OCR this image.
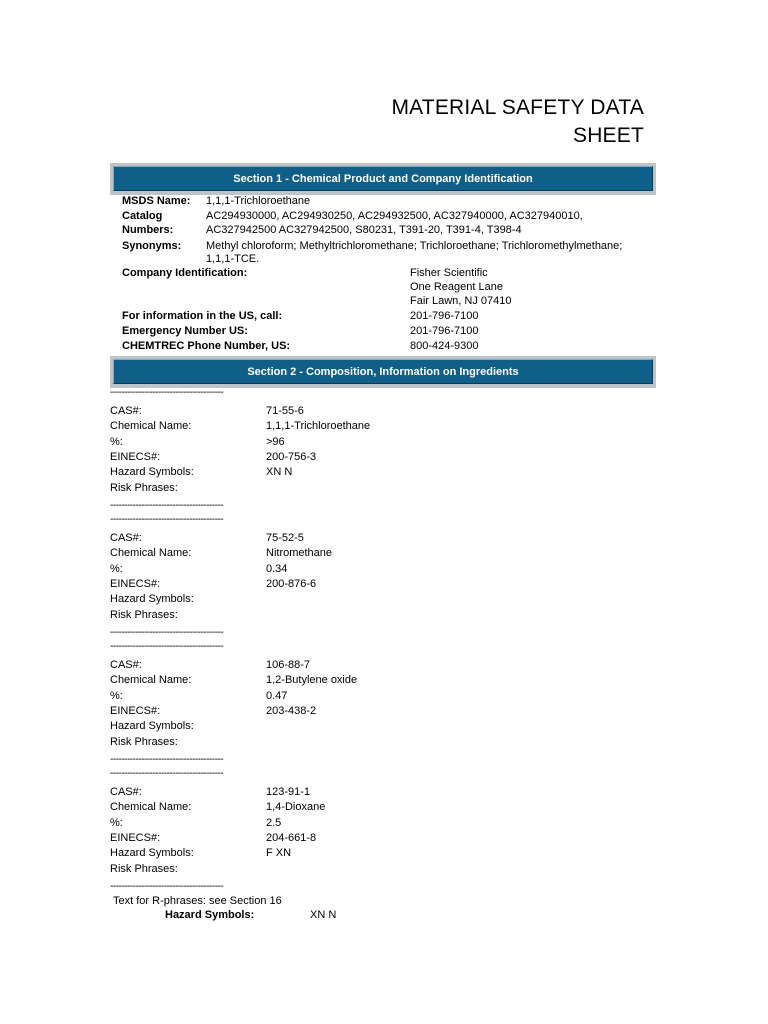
MATERIAL SAFETY DATA
SHEET
Section 1 - Chemical Product and Company Identification
MSDS Name: 1,1,1-Trichloroethane
Catalog
Numbers:
AC294930000, AC294930250, AC294932500, AC327940000, AC327940010,
AC327942500 AC327942500, S80231, T391-20, T391-4, T398-4
Synonyms: Methyl chloroform; Methyltrichloromethane; Trichloroethane; Trichloromethylmethane;
1,1,1-TCE.
Company Identification:	Fisher Scientific
One Reagent Lane
Fair Lawn, NJ 07410
For information in the US, call:	201-796-7100
Emergency Number US:	201-796-7100
CHEMTREC Phone Number, US:	800-424-9300
Section 2 - Composition, Information on Ingredients
----------------------------------------
CAS#:	71-55-6
Chemical Name:	1,1,1-Trichloroethane
%:	>96
EINECS#:	200-756-3
Hazard Symbols:	XN N
Risk Phrases:
----------------------------------------
----------------------------------------
CAS#:	75-52-5
Chemical Name:	Nitromethane
%:	0.34
EINECS#:	200-876-6
Hazard Symbols:
Risk Phrases:
----------------------------------------
----------------------------------------
CAS#:	106-88-7
Chemical Name:	1,2-Butylene oxide
%:	0.47
EINECS#:	203-438-2
Hazard Symbols:
Risk Phrases:
----------------------------------------
----------------------------------------
CAS#:	123-91-1
Chemical Name:	1,4-Dioxane
%:	2.5
EINECS#:	204-661-8
Hazard Symbols:	F XN
Risk Phrases:
----------------------------------------
Text for R-phrases: see Section 16
Hazard Symbols:	XN N
